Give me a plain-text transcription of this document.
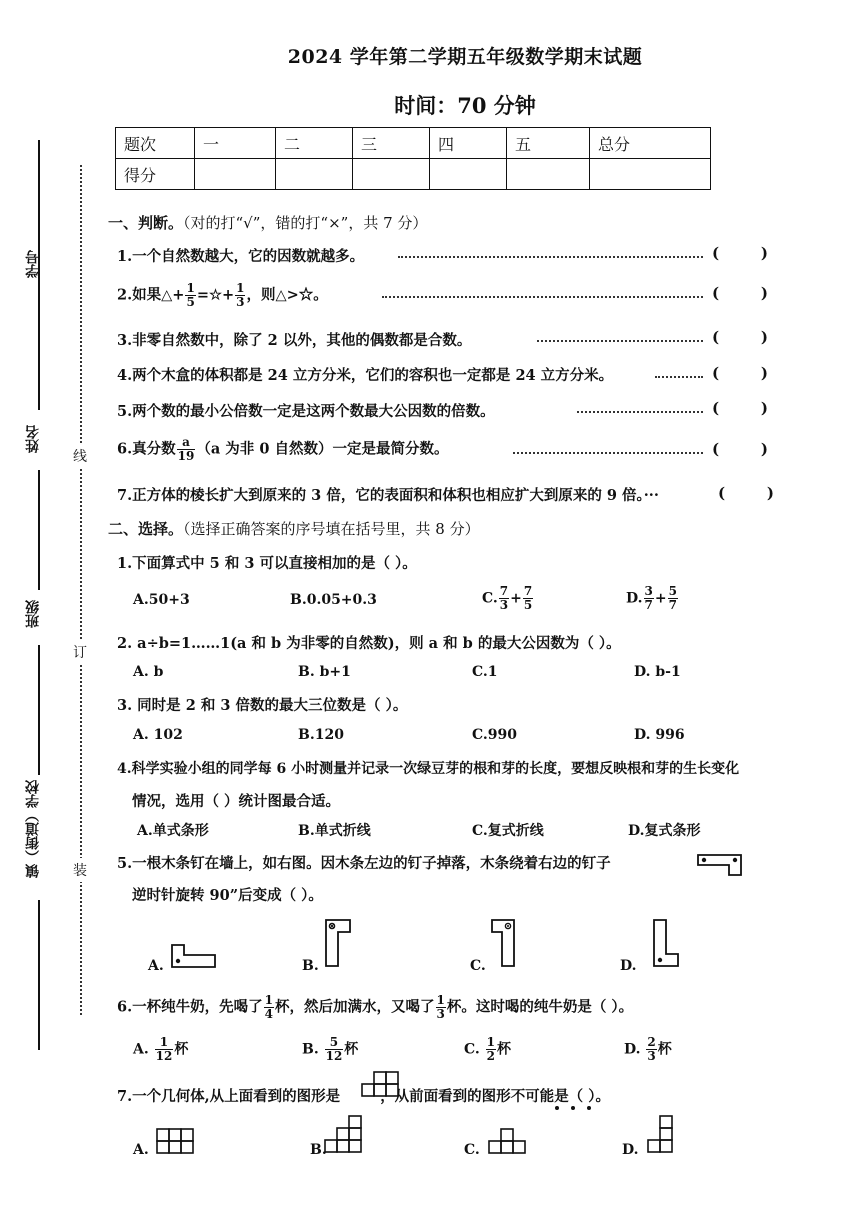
2024 学年第二学期五年级数学期末试题
时间：70 分钟
题次	一	二	三	四	五	总分
得分						
学号
姓名
班级
镇（街道）学校
线
订
装
一、判断。（对的打“√”，错的打“×”，共 7 分）
1.一个自然数越大，它的因数就越多。	(        )
2.如果△+ $\frac{1}{5}$ =☆+ $\frac{1}{3}$ ，则△>☆。	(        )
3.非零自然数中，除了 2 以外，其他的偶数都是合数。	(        )
4.两个木盒的体积都是 24 立方分米，它们的容积也一定都是 24 立方分米。	(        )
5.两个数的最小公倍数一定是这两个数最大公因数的倍数。	(        )
6.真分数 $\frac{a}{19} (a$ 为非 0 自然数）一定是最简分数。	(        )
7.正方体的棱长扩大到原来的 3 倍，它的表面积和体积也相应扩大到原来的 9 倍。···	(        )
二、选择。（选择正确答案的序号填在括号里，共 8 分）
1.下面算式中 5 和 3 可以直接相加的是（ ）。
A.50+3	B.0.05+0.3	C. $\frac{7}{3} + \frac{7}{5}$	D. $\frac{3}{7} + \frac{5}{7}$
2. a÷b=1……1(a 和 b 为非零的自然数)，则 a 和 b 的最大公因数为（ ）。
A. b	B. b+1	C.1	D. b-1
3. 同时是 2 和 3 倍数的最大三位数是（ ）。
A. 102	B.120	C.990	D. 996
4.科学实验小组的同学每 6 小时测量并记录一次绿豆芽的根和芽的长度，要想反映根和芽的生长变化
情况，选用（ ）统计图最合适。
A.单式条形	B.单式折线	C.复式折线	D.复式条形
5.一根木条钉在墙上，如右图。因木条左边的钉子掉落，木条绕着右边的钉子
逆时针旋转 90”后变成（ ）。
A.	B.	C.	D.
6.一杯纯牛奶，先喝了 $\frac{1}{4}$ 杯，然后加满水，又喝了 $\frac{1}{3}$ 杯。这时喝的纯牛奶是（ ）。
A. $\frac{1}{12}$ 杯	B. $\frac{5}{12}$ 杯	C. $\frac{1}{2}$ 杯	D. $\frac{2}{3}$ 杯
7.一个几何体,从上面看到的图形是	，从前面看到的图形不可能是（ ）。
A.	B.	C.	D.
